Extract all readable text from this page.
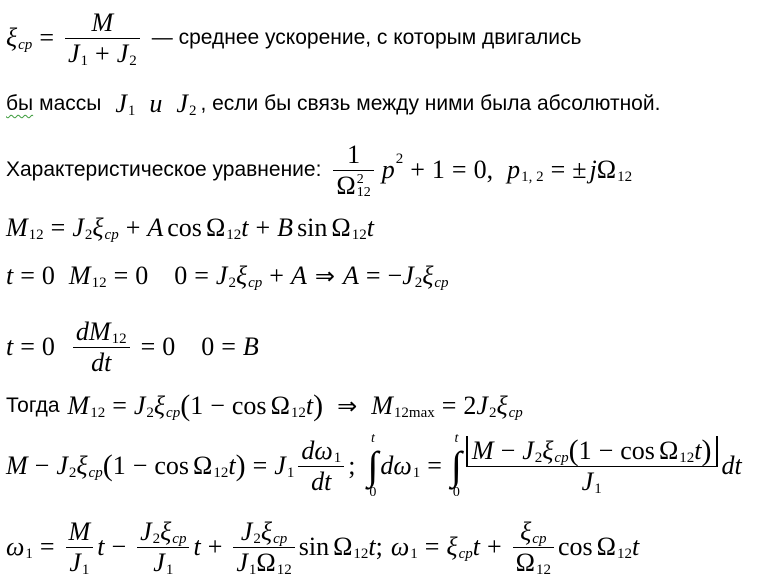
ξ ср = $\frac{M}{J 1 + J 2}$ — среднее ускорение, с которым двигались
бы массы J 1 и J 2 , если бы связь между ними была абсолютной.
Характеристическое уравнение: 1
Ω 2
12 p 2 + 1 = 0 , p 1, 2 = ± j Ω 12
M 12 = J 2 ξ ср + A cos Ω 12 t + B sin Ω 12 t
t = 0 M 12 = 0 0 = J 2 ξ ср + A ⇒ A = − J 2 ξ ср
$t = 0 \frac{dM 12}{dt} = 0$ 0 = B
Тогда M 12 = J 2 ξ ср ( 1 − cos Ω 12 t ) ⇒ M 12max = 2 J 2 ξ ср
M − J 2 ξ ср ( 1 − cos Ω 12 t ) = J $1 \frac{d\omega 1}{dt}$ ;
t
∫
0
dω 1 =
t
∫
$0 \frac{\text{M − J 2 ξ ср ( 1 − cos Ω 12 t )}}{J 1}$ dt
ω $1 = \frac{M}{J 1}$ $t - \frac{\text{J 2 ξ ср}}{J 1}$ $t + \frac{\text{J 2 ξ ср}}{J 1 \Omega 12}$ sin Ω 12 t ; ω 1 = ξ ср $t + \frac{\text{ξ ср}}{\Omega 12}$ cos Ω 12 t
